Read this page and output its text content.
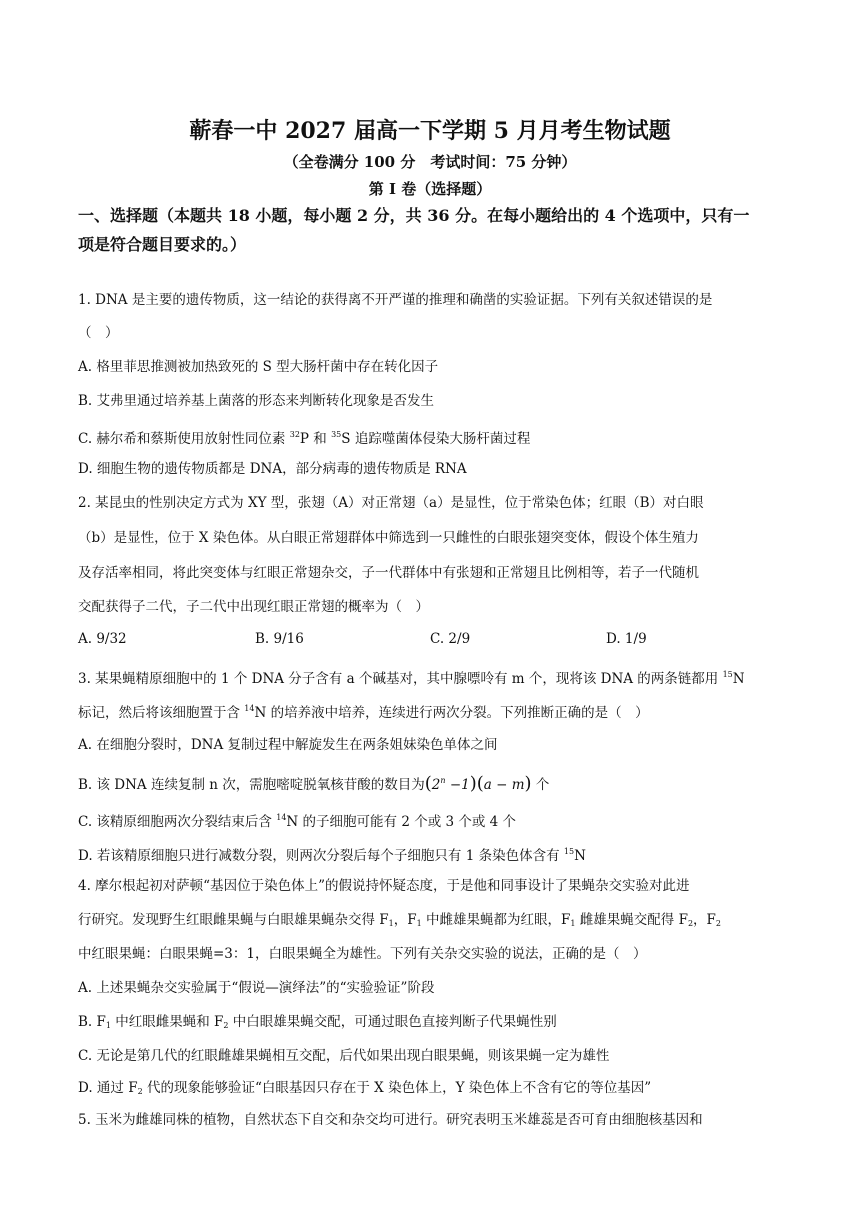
蕲春一中 2027 届高一下学期 5 月月考生物试题
（全卷满分 100 分　考试时间：75 分钟）
第 I 卷（选择题）
一、选择题（本题共 18 小题，每小题 2 分，共 36 分。在每小题给出的 4 个选项中，只有一
项是符合题目要求的。）
1. DNA 是主要的遗传物质，这一结论的获得离不开严谨的推理和确凿的实验证据。下列有关叙述错误的是
（　）
A. 格里菲思推测被加热致死的 S 型大肠杆菌中存在转化因子
B. 艾弗里通过培养基上菌落的形态来判断转化现象是否发生
C. 赫尔希和蔡斯使用放射性同位素 $^{32}$P 和 $^{35}$S 追踪噬菌体侵染大肠杆菌过程
D. 细胞生物的遗传物质都是 DNA，部分病毒的遗传物质是 RNA
2. 某昆虫的性别决定方式为 XY 型，张翅（A）对正常翅（a）是显性，位于常染色体；红眼（B）对白眼
（b）是显性，位于 X 染色体。从白眼正常翅群体中筛选到一只雌性的白眼张翅突变体，假设个体生殖力
及存活率相同，将此突变体与红眼正常翅杂交，子一代群体中有张翅和正常翅且比例相等，若子一代随机
交配获得子二代，子二代中出现红眼正常翅的概率为（　）
A. 9/32	B. 9/16	C. 2/9	D. 1/9
3. 某果蝇精原细胞中的 1 个 DNA 分子含有 a 个碱基对，其中腺嘌呤有 m 个，现将该 DNA 的两条链都用 $^{15}$N
标记，然后将该细胞置于含 $^{14}$N 的培养液中培养，连续进行两次分裂。下列推断正确的是（　）
A. 在细胞分裂时，DNA 复制过程中解旋发生在两条姐妹染色单体之间
B. 该 DNA 连续复制 n 次，需胞嘧啶脱氧核苷酸的数目为$(2^n -1)(a - m)$ 个
C. 该精原细胞两次分裂结束后含 $^{14}$N 的子细胞可能有 2 个或 3 个或 4 个
D. 若该精原细胞只进行减数分裂，则两次分裂后每个子细胞只有 1 条染色体含有 $^{15}$N
4. 摩尔根起初对萨顿“基因位于染色体上”的假说持怀疑态度，于是他和同事设计了果蝇杂交实验对此进
行研究。发现野生红眼雌果蝇与白眼雄果蝇杂交得 $F_1$，$F_1$ 中雌雄果蝇都为红眼，$F_1$ 雌雄果蝇交配得 $F_2$，$F_2$
中红眼果蝇：白眼果蝇=3：1，白眼果蝇全为雄性。下列有关杂交实验的说法，正确的是（　）
A. 上述果蝇杂交实验属于“假说—演绎法”的“实验验证”阶段
B. $F_1$ 中红眼雌果蝇和 $F_2$ 中白眼雄果蝇交配，可通过眼色直接判断子代果蝇性别
C. 无论是第几代的红眼雌雄果蝇相互交配，后代如果出现白眼果蝇，则该果蝇一定为雄性
D. 通过 $F_2$ 代的现象能够验证“白眼基因只存在于 X 染色体上，Y 染色体上不含有它的等位基因”
5. 玉米为雌雄同株的植物，自然状态下自交和杂交均可进行。研究表明玉米雄蕊是否可育由细胞核基因和
